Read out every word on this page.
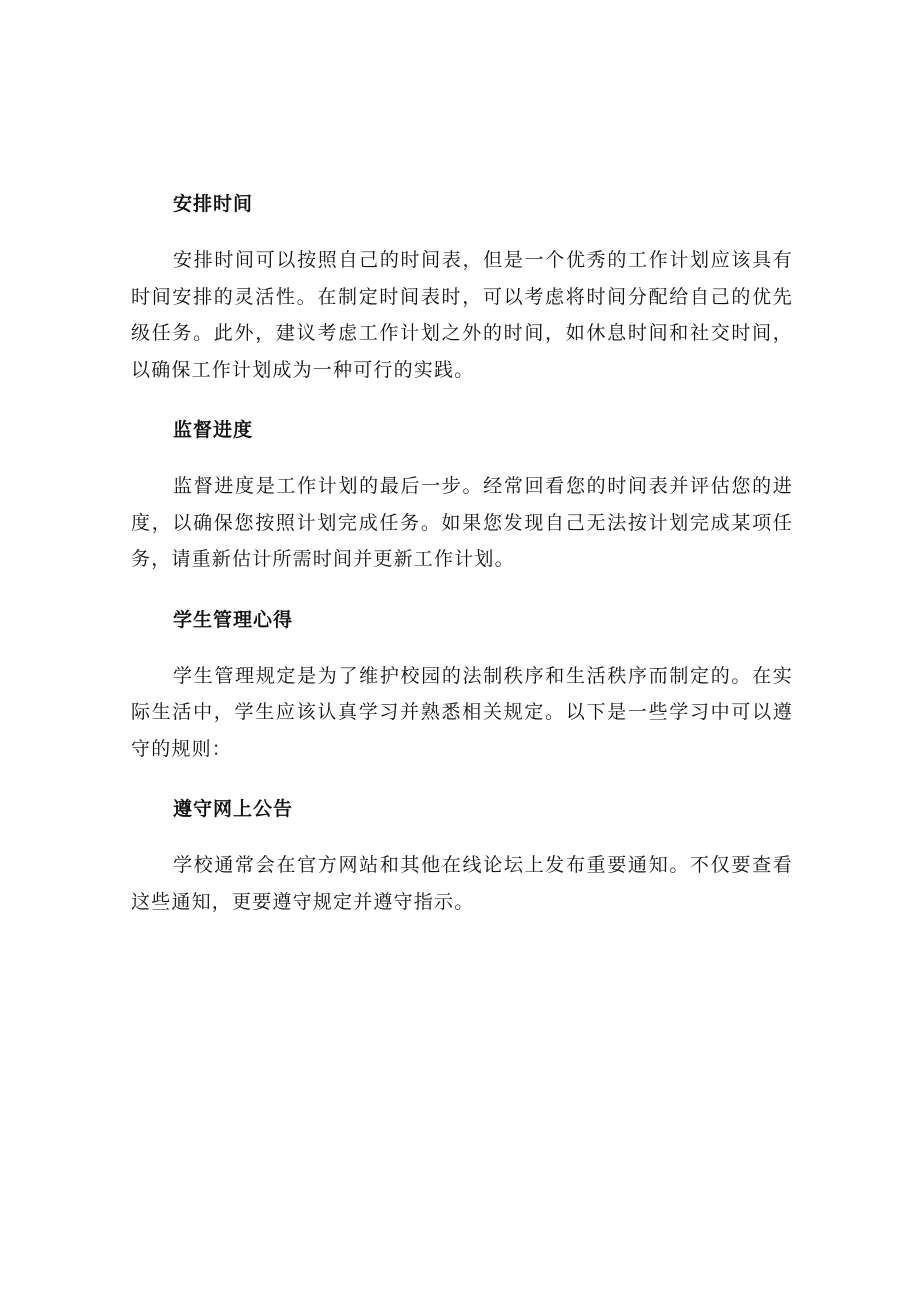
安排时间

安排时间可以按照自己的时间表，但是一个优秀的工作计划应该具有时间安排的灵活性。在制定时间表时，可以考虑将时间分配给自己的优先级任务。此外，建议考虑工作计划之外的时间，如休息时间和社交时间，以确保工作计划成为一种可行的实践。

监督进度

监督进度是工作计划的最后一步。经常回看您的时间表并评估您的进度，以确保您按照计划完成任务。如果您发现自己无法按计划完成某项任务，请重新估计所需时间并更新工作计划。

学生管理心得

学生管理规定是为了维护校园的法制秩序和生活秩序而制定的。在实际生活中，学生应该认真学习并熟悉相关规定。以下是一些学习中可以遵守的规则：

遵守网上公告

学校通常会在官方网站和其他在线论坛上发布重要通知。不仅要查看这些通知，更要遵守规定并遵守指示。
